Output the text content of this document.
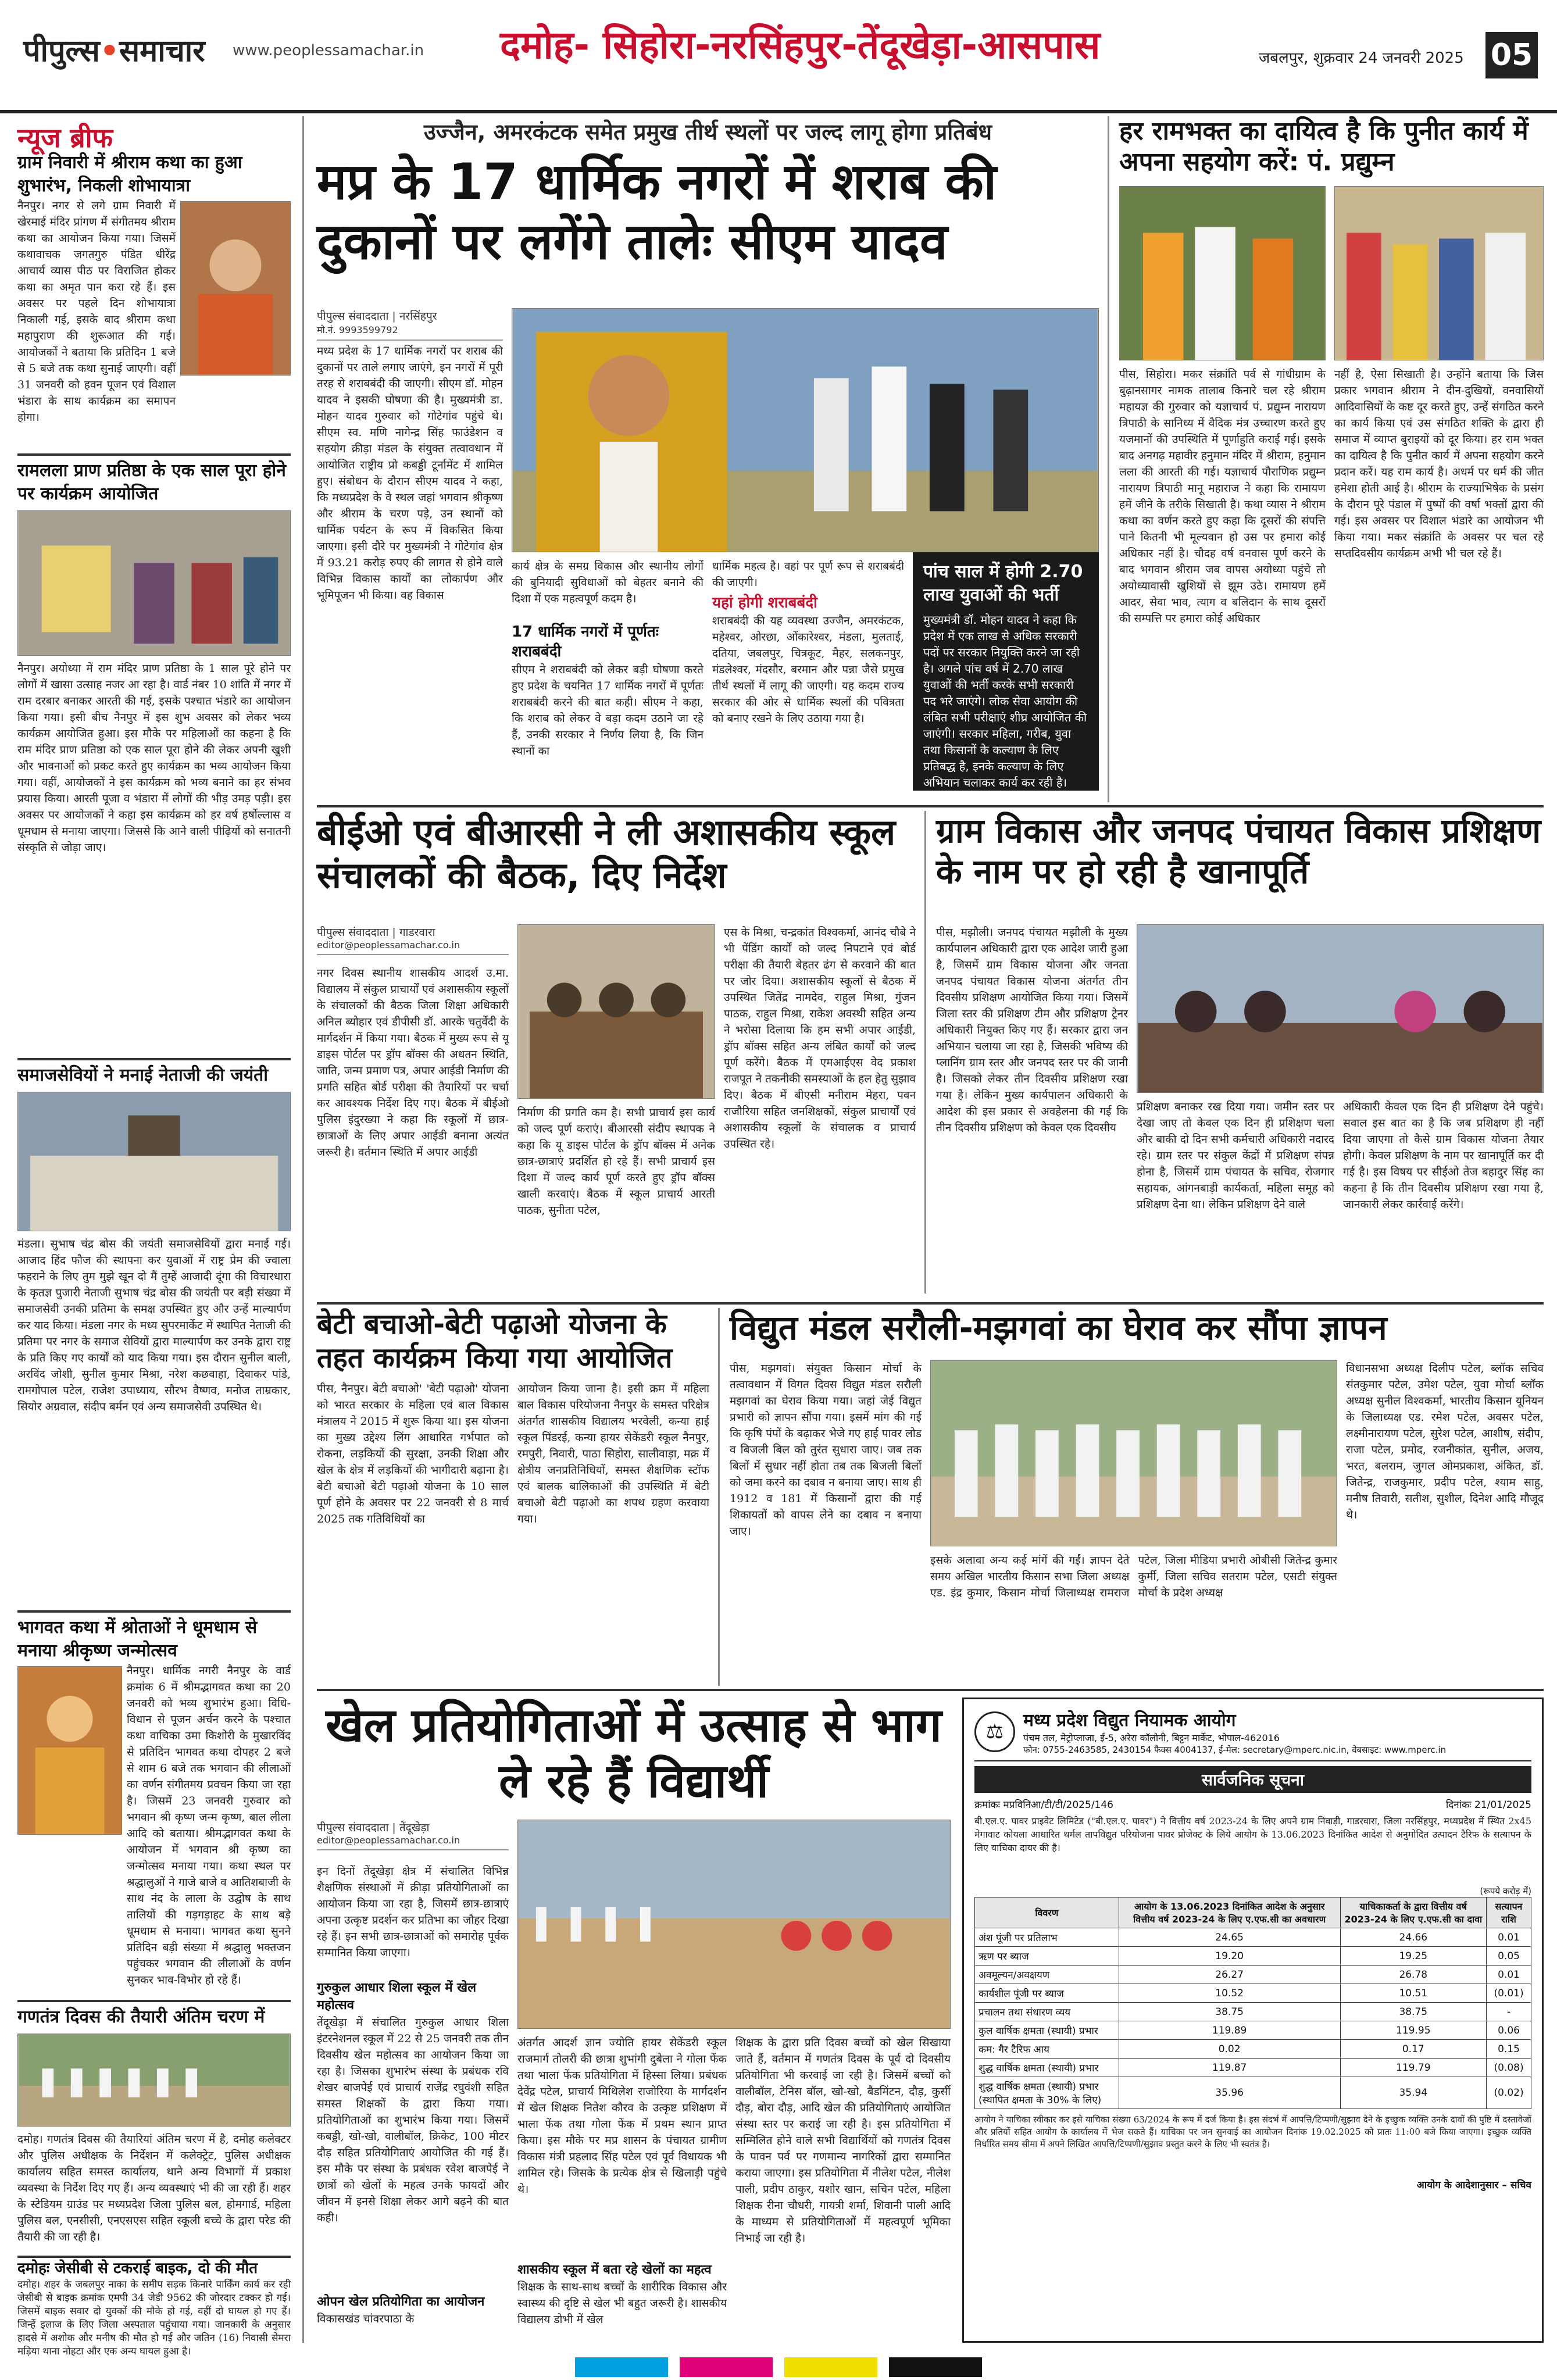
पीपुल्स•समाचार www.peoplessamachar.in दमोह- सिहोरा-नरसिंहपुर-तेंदूखेड़ा-आसपास	जबलपुर, शुक्रवार 24 जनवरी 2025 05
न्यूज ब्रीफ
ग्राम निवारी में श्रीराम कथा का हुआ शुभारंभ, निकली शोभायात्रा
नैनपुर। नगर से लगे ग्राम निवारी में खेरमाई मंदिर प्रांगण में संगीतमय श्रीराम कथा का आयोजन किया गया। जिसमें कथावाचक जगतगुरु पंडित धीरेंद्र आचार्य व्यास पीठ पर विराजित होकर कथा का अमृत पान करा रहे हैं। इस अवसर पर पहले दिन शोभायात्रा निकाली गई, इसके बाद श्रीराम कथा महापुराण की शुरूआत की गई। आयोजकों ने बताया कि प्रतिदिन 1 बजे से 5 बजे तक कथा सुनाई जाएगी। वहीं 31 जनवरी को हवन पूजन एवं विशाल भंडारा के साथ कार्यक्रम का समापन होगा।
रामलला प्राण प्रतिष्ठा के एक साल पूरा होने पर कार्यक्रम आयोजित
नैनपुर। अयोध्या में राम मंदिर प्राण प्रतिष्ठा के 1 साल पूरे होने पर लोगों में खासा उत्साह नजर आ रहा है। वार्ड नंबर 10 शांति में नगर में राम दरबार बनाकर आरती की गई, इसके पश्चात भंडारे का आयोजन किया गया। इसी बीच नैनपुर में इस शुभ अवसर को लेकर भव्य कार्यक्रम आयोजित हुआ। इस मौके पर महिलाओं का कहना है कि राम मंदिर प्राण प्रतिष्ठा को एक साल पूरा होने की लेकर अपनी खुशी और भावनाओं को प्रकट करते हुए कार्यक्रम का भव्य आयोजन किया गया। वहीं, आयोजकों ने इस कार्यक्रम को भव्य बनाने का हर संभव प्रयास किया। आरती पूजा व भंडारा में लोगों की भीड़ उमड़ पड़ी। इस अवसर पर आयोजकों ने कहा इस कार्यक्रम को हर वर्ष हर्षोल्लास व धूमधाम से मनाया जाएगा। जिससे कि आने वाली पीढ़ियों को सनातनी संस्कृति से जोड़ा जाए।
समाजसेवियों ने मनाई नेताजी की जयंती
मंडला। सुभाष चंद्र बोस की जयंती समाजसेवियों द्वारा मनाई गई। आजाद हिंद फौज की स्थापना कर युवाओं में राष्ट्र प्रेम की ज्वाला फहराने के लिए तुम मुझे खून दो मैं तुम्हें आजादी दूंगा की विचारधारा के कृतज्ञ पुजारी नेताजी सुभाष चंद्र बोस की जयंती पर बड़ी संख्या में समाजसेवी उनकी प्रतिमा के समक्ष उपस्थित हुए और उन्हें माल्यार्पण कर याद किया। मंडला नगर के मध्य सुपरमार्केट में स्थापित नेताजी की प्रतिमा पर नगर के समाज सेवियों द्वारा माल्यार्पण कर उनके द्वारा राष्ट्र के प्रति किए गए कार्यों को याद किया गया। इस दौरान सुनील बाली, अरविंद जोशी, सुनील कुमार मिश्रा, नरेश कछवाहा, दिवाकर पांडे, रामगोपाल पटेल, राजेश उपाध्याय, सौरभ वैष्णव, मनोज ताम्रकार, सियोर अग्रवाल, संदीप बर्मन एवं अन्य समाजसेवी उपस्थित थे।
भागवत कथा में श्रोताओं ने धूमधाम से मनाया श्रीकृष्ण जन्मोत्सव
नैनपुर। धार्मिक नगरी नैनपुर के वार्ड क्रमांक 6 में श्रीमद्भागवत कथा का 20 जनवरी को भव्य शुभारंभ हुआ। विधि-विधान से पूजन अर्चन करने के पश्चात कथा वाचिका उमा किशोरी के मुखारविंद से प्रतिदिन भागवत कथा दोपहर 2 बजे से शाम 6 बजे तक भगवान की लीलाओं का वर्णन संगीतमय प्रवचन किया जा रहा है। जिसमें 23 जनवरी गुरुवार को भगवान श्री कृष्ण जन्म कृष्ण, बाल लीला आदि को बताया। श्रीमद्भागवत कथा के आयोजन में भगवान श्री कृष्ण का जन्मोत्सव मनाया गया। कथा स्थल पर श्रद्धालुओं ने गाजे बाजे व आतिशबाजी के साथ नंद के लाला के उद्घोष के साथ तालियों की गड़गड़ाहट के साथ बड़े धूमधाम से मनाया। भागवत कथा सुनने प्रतिदिन बड़ी संख्या में श्रद्धालु भक्तजन पहुंचकर भगवान की लीलाओं के वर्णन सुनकर भाव-विभोर हो रहे हैं।
गणतंत्र दिवस की तैयारी अंतिम चरण में
दमोह। गणतंत्र दिवस की तैयारियां अंतिम चरण में है, दमोह कलेक्टर और पुलिस अधीक्षक के निर्देशन में कलेक्ट्रेट, पुलिस अधीक्षक कार्यालय सहित समस्त कार्यालय, थाने अन्य विभागों में प्रकाश व्यवस्था के निर्देश दिए गए हैं। अन्य व्यवस्थाएं भी की जा रही हैं। शहर के स्टेडियम ग्राउंड पर मध्यप्रदेश जिला पुलिस बल, होमगार्ड, महिला पुलिस बल, एनसीसी, एनएसएस सहित स्कूली बच्चे के द्वारा परेड की तैयारी की जा रही है।
दमोहः जेसीबी से टकराई बाइक, दो की मौत
दमोह। शहर के जबलपुर नाका के समीप सड़क किनारे पार्किंग कार्य कर रही जेसीबी से बाइक क्रमांक एमपी 34 जेडी 9562 की जोरदार टक्कर हो गई। जिसमें बाइक सवार दो युवकों की मौके हो गई, वहीं दो घायल हो गए हैं। जिन्हें इलाज के लिए जिला अस्पताल पहुंचाया गया। जानकारी के अनुसार हादसे में अशोक और मनीष की मौत हो गई और जतिन (16) निवासी सेमरा मड़िया थाना नोहटा और एक अन्य घायल हुआ है।
उज्जैन, अमरकंटक समेत प्रमुख तीर्थ स्थलों पर जल्द लागू होगा प्रतिबंध
मप्र के 17 धार्मिक नगरों में शराब की दुकानों पर लगेंगे तालेः सीएम यादव
पीपुल्स संवाददाता | नरसिंहपुर
मो.नं. 9993599792
मध्य प्रदेश के 17 धार्मिक नगरों पर शराब की दुकानों पर ताले लगाए जाएंगे, इन नगरों में पूरी तरह से शराबबंदी की जाएगी। सीएम डॉ. मोहन यादव ने इसकी घोषणा की है। मुख्यमंत्री डा. मोहन यादव गुरुवार को गोटेगांव पहुंचे थे। सीएम स्व. मणि नागेन्द्र सिंह फाउंडेशन व सहयोग क्रीड़ा मंडल के संयुक्त तत्वावधान में आयोजित राष्ट्रीय प्रो कबड्डी टूर्नामेंट में शामिल हुए। संबोधन के दौरान सीएम यादव ने कहा, कि मध्यप्रदेश के वे स्थल जहां भगवान श्रीकृष्ण और श्रीराम के चरण पड़े, उन स्थानों को धार्मिक पर्यटन के रूप में विकसित किया जाएगा। इसी दौरे पर मुख्यमंत्री ने गोटेगांव क्षेत्र में 93.21 करोड़ रुपए की लागत से होने वाले विभिन्न विकास कार्यों का लोकार्पण और भूमिपूजन भी किया। वह विकास
कार्य क्षेत्र के समग्र विकास और स्थानीय लोगों की बुनियादी सुविधाओं को बेहतर बनाने की दिशा में एक महत्वपूर्ण कदम है।
17 धार्मिक नगरों में पूर्णतः शराबबंदी
सीएम ने शराबबंदी को लेकर बड़ी घोषणा करते हुए प्रदेश के चयनित 17 धार्मिक नगरों में पूर्णतः शराबबंदी करने की बात कही। सीएम ने कहा, कि शराब को लेकर वे बड़ा कदम उठाने जा रहे हैं, उनकी सरकार ने निर्णय लिया है, कि जिन स्थानों का
धार्मिक महत्व है। वहां पर पूर्ण रूप से शराबबंदी की जाएगी।
यहां होगी शराबबंदी
शराबबंदी की यह व्यवस्था उज्जैन, अमरकंटक, महेश्वर, ओरछा, ओंकारेश्वर, मंडला, मुलताई, दतिया, जबलपुर, चित्रकूट, मैहर, सलकनपुर, मंडलेश्वर, मंदसौर, बरमान और पन्ना जैसे प्रमुख तीर्थ स्थलों में लागू की जाएगी। यह कदम राज्य सरकार की ओर से धार्मिक स्थलों की पवित्रता को बनाए रखने के लिए उठाया गया है।
पांच साल में होगी 2.70 लाख युवाओं की भर्ती

मुख्यमंत्री डॉ. मोहन यादव ने कहा कि प्रदेश में एक लाख से अधिक सरकारी पदों पर सरकार नियुक्ति करने जा रही है। अगले पांच वर्ष में 2.70 लाख युवाओं की भर्ती करके सभी सरकारी पद भरे जाएंगे। लोक सेवा आयोग की लंबित सभी परीक्षाएं शीघ्र आयोजित की जाएंगी। सरकार महिला, गरीब, युवा तथा किसानों के कल्याण के लिए प्रतिबद्ध है, इनके कल्याण के लिए अभियान चलाकर कार्य कर रही है।

हर रामभक्त का दायित्व है कि पुनीत कार्य में अपना सहयोग करें: पं. प्रद्युम्न
पीस, सिहोरा। मकर संक्रांति पर्व से गांधीग्राम के बुढ़ानसागर नामक तालाब किनारे चल रहे श्रीराम महायज्ञ की गुरुवार को यज्ञाचार्य पं. प्रद्युम्न नारायण त्रिपाठी के सानिध्य में वैदिक मंत्र उच्चारण करते हुए यजमानों की उपस्थिति में पूर्णाहुति कराई गई। इसके बाद अनगढ़ महावीर हनुमान मंदिर में श्रीराम, हनुमान लला की आरती की गई। यज्ञाचार्य पौराणिक प्रद्युम्न नारायण त्रिपाठी मानू महाराज ने कहा कि रामायण हमें जीने के तरीके सिखाती है। कथा व्यास ने श्रीराम कथा का वर्णन करते हुए कहा कि दूसरों की संपत्ति पाने कितनी भी मूल्यवान हो उस पर हमारा कोई अधिकार नहीं है। चौदह वर्ष वनवास पूर्ण करने के बाद भगवान श्रीराम जब वापस अयोध्या पहुंचे तो अयोध्यावासी खुशियों से झूम उठे। रामायण हमें आदर, सेवा भाव, त्याग व बलिदान के साथ दूसरों की सम्पत्ति पर हमारा कोई अधिकार
नहीं है, ऐसा सिखाती है। उन्होंने बताया कि जिस प्रकार भगवान श्रीराम ने दीन-दुखियों, वनवासियों आदिवासियों के कष्ट दूर करते हुए, उन्हें संगठित करने का कार्य किया एवं उस संगठित शक्ति के द्वारा ही समाज में व्याप्त बुराइयों को दूर किया। हर राम भक्त का दायित्व है कि पुनीत कार्य में अपना सहयोग करने प्रदान करें। यह राम कार्य है। अधर्म पर धर्म की जीत हमेशा होती आई है। श्रीराम के राज्याभिषेक के प्रसंग के दौरान पूरे पंडाल में पुष्पों की वर्षा भक्तों द्वारा की गई। इस अवसर पर विशाल भंडारे का आयोजन भी किया गया। मकर संक्रांति के अवसर पर चल रहे सप्तदिवसीय कार्यक्रम अभी भी चल रहे हैं।
बीईओ एवं बीआरसी ने ली अशासकीय स्कूल संचालकों की बैठक, दिए निर्देश
पीपुल्स संवाददाता | गाडरवारा
editor@peoplessamachar.co.in
नगर दिवस स्थानीय शासकीय आदर्श उ.मा. विद्यालय में संकुल प्राचार्यों एवं अशासकीय स्कूलों के संचालकों की बैठक जिला शिक्षा अधिकारी अनिल ब्योहार एवं डीपीसी डॉ. आरके चतुर्वेदी के मार्गदर्शन में किया गया। बैठक में मुख्य रूप से यू डाइस पोर्टल पर ड्रॉप बॉक्स की अधतन स्थिति, जाति, जन्म प्रमाण पत्र, अपार आईडी निर्माण की प्रगति सहित बोर्ड परीक्षा की तैयारियों पर चर्चा कर आवश्यक निर्देश दिए गए। बैठक में बीईओ पुलिस इंदुरख्या ने कहा कि स्कूलों में छात्र-छात्राओं के लिए अपार आईडी बनाना अत्यंत जरूरी है। वर्तमान स्थिति में अपार आईडी
निर्माण की प्रगति कम है। सभी प्राचार्य इस कार्य को जल्द पूर्ण कराएं। बीआरसी संदीप स्थापक ने कहा कि यू डाइस पोर्टल के ड्रॉप बॉक्स में अनेक छात्र-छात्राएं प्रदर्शित हो रहे हैं। सभी प्राचार्य इस दिशा में जल्द कार्य पूर्ण करते हुए ड्रॉप बॉक्स खाली करवाएं। बैठक में स्कूल प्राचार्य आरती पाठक, सुनीता पटेल,
एस के मिश्रा, चन्द्रकांत विश्वकर्मा, आनंद चौबे ने भी पेंडिंग कार्यों को जल्द निपटाने एवं बोर्ड परीक्षा की तैयारी बेहतर ढंग से करवाने की बात पर जोर दिया। अशासकीय स्कूलों से बैठक में उपस्थित जितेंद्र नामदेव, राहुल मिश्रा, गुंजन पाठक, राहुल मिश्रा, राकेश अवस्थी सहित अन्य ने भरोसा दिलाया कि हम सभी अपार आईडी, ड्रॉप बॉक्स सहित अन्य लंबित कार्यों को जल्द पूर्ण करेंगे। बैठक में एमआईएस वेद प्रकाश राजपूत ने तकनीकी समस्याओं के हल हेतु सुझाव दिए। बैठक में बीएसी मनीराम मेहरा, पवन राजौरिया सहित जनशिक्षकों, संकुल प्राचार्यों एवं अशासकीय स्कूलों के संचालक व प्राचार्य उपस्थित रहे।
ग्राम विकास और जनपद पंचायत विकास प्रशिक्षण के नाम पर हो रही है खानापूर्ति
पीस, मझौली। जनपद पंचायत मझौली के मुख्य कार्यपालन अधिकारी द्वारा एक आदेश जारी हुआ है, जिसमें ग्राम विकास योजना और जनता जनपद पंचायत विकास योजना अंतर्गत तीन दिवसीय प्रशिक्षण आयोजित किया गया। जिसमें जिला स्तर की प्रशिक्षण टीम और प्रशिक्षण ट्रेनर अधिकारी नियुक्त किए गए हैं। सरकार द्वारा जन अभियान चलाया जा रहा है, जिसकी भविष्य की प्लानिंग ग्राम स्तर और जनपद स्तर पर की जानी है। जिसको लेकर तीन दिवसीय प्रशिक्षण रखा गया है। लेकिन मुख्य कार्यपालन अधिकारी के आदेश की इस प्रकार से अवहेलना की गई कि तीन दिवसीय प्रशिक्षण को केवल एक दिवसीय
प्रशिक्षण बनाकर रख दिया गया। जमीन स्तर पर देखा जाए तो केवल एक दिन ही प्रशिक्षण चला और बाकी दो दिन सभी कर्मचारी अधिकारी नदारद रहे। ग्राम स्तर पर संकुल केंद्रों में प्रशिक्षण संपन्न होना है, जिसमें ग्राम पंचायत के सचिव, रोजगार सहायक, आंगनबाड़ी कार्यकर्ता, महिला समूह को प्रशिक्षण देना था। लेकिन प्रशिक्षण देने वाले
अधिकारी केवल एक दिन ही प्रशिक्षण देने पहुंचे। सवाल इस बात का है कि जब प्रशिक्षण ही नहीं दिया जाएगा तो कैसे ग्राम विकास योजना तैयार होगी। केवल प्रशिक्षण के नाम पर खानापूर्ति कर दी गई है। इस विषय पर सीईओ तेज बहादुर सिंह का कहना है कि तीन दिवसीय प्रशिक्षण रखा गया है, जानकारी लेकर कार्रवाई करेंगे।
बेटी बचाओ-बेटी पढ़ाओ योजना के तहत कार्यक्रम किया गया आयोजित
पीस, नैनपुर। बेटी बचाओ' 'बेटी पढ़ाओ' योजना को भारत सरकार के महिला एवं बाल विकास मंत्रालय ने 2015 में शुरू किया था। इस योजना का मुख्य उद्देश्य लिंग आधारित गर्भपात को रोकना, लड़कियों की सुरक्षा, उनकी शिक्षा और खेल के क्षेत्र में लड़कियों की भागीदारी बढ़ाना है। बेटी बचाओ बेटी पढ़ाओ योजना के 10 साल पूर्ण होने के अवसर पर 22 जनवरी से 8 मार्च 2025 तक गतिविधियों का
आयोजन किया जाना है। इसी क्रम में महिला बाल विकास परियोजना नैनपुर के समस्त परिक्षेत्र अंतर्गत शासकीय विद्यालय भरवेली, कन्या हाई स्कूल पिंडरई, कन्या हायर सेकेंडरी स्कूल नैनपुर, रमपुरी, निवारी, पाठा सिहोरा, सालीवाड़ा, मक्र में क्षेत्रीय जनप्रतिनिधियों, समस्त शैक्षणिक स्टॉफ एवं बालक बालिकाओं की उपस्थिति में बेटी बचाओ बेटी पढ़ाओ का शपथ ग्रहण करवाया गया।
विद्युत मंडल सरौली-मझगवां का घेराव कर सौंपा ज्ञापन
पीस, मझगवां। संयुक्त किसान मोर्चा के तत्वावधान में विगत दिवस विद्युत मंडल सरौली मझगवां का घेराव किया गया। जहां जेई विद्युत प्रभारी को ज्ञापन सौंपा गया। इसमें मांग की गई कि कृषि पंपों के बढ़ाकर भेजे गए हाई पावर लोड व बिजली बिल को तुरंत सुधारा जाए। जब तक बिलों में सुधार नहीं होता तब तक बिजली बिलों को जमा करने का दबाव न बनाया जाए। साथ ही 1912 व 181 में किसानों द्वारा की गई शिकायतों को वापस लेने का दबाव न बनाया जाए।
इसके अलावा अन्य कई मांगें की गईं। ज्ञापन देते समय अखिल भारतीय किसान सभा जिला अध्यक्ष एड. इंद्र कुमार, किसान मोर्चा जिलाध्यक्ष रामराज पटेल, जिला मीडिया प्रभारी ओबीसी जितेन्द्र कुमार कुर्मी, जिला सचिव सतराम पटेल, एसटी संयुक्त मोर्चा के प्रदेश अध्यक्ष
विधानसभा अध्यक्ष दिलीप पटेल, ब्लॉक सचिव संतकुमार पटेल, उमेश पटेल, युवा मोर्चा ब्लॉक अध्यक्ष सुनील विश्वकर्मा, भारतीय किसान यूनियन के जिलाध्यक्ष एड. रमेश पटेल, अवसर पटेल, लक्ष्मीनारायण पटेल, सुरेश पटेल, आशीष, संदीप, राजा पटेल, प्रमोद, रजनीकांत, सुनील, अजय, भरत, बलराम, जुगल ओमप्रकाश, अंकित, डॉ. जितेन्द्र, राजकुमार, प्रदीप पटेल, श्याम साहु, मनीष तिवारी, सतीश, सुशील, दिनेश आदि मौजूद थे।
खेल प्रतियोगिताओं में उत्साह से भाग ले रहे हैं विद्यार्थी
पीपुल्स संवाददाता | तेंदूखेड़ा
editor@peoplessamachar.co.in
इन दिनों तेंदूखेड़ा क्षेत्र में संचालित विभिन्न शैक्षणिक संस्थाओं में क्रीड़ा प्रतियोगिताओं का आयोजन किया जा रहा है, जिसमें छात्र-छात्राएं अपना उत्कृष्ट प्रदर्शन कर प्रतिभा का जौहर दिखा रहे हैं। इन सभी छात्र-छात्राओं को समारोह पूर्वक सम्मानित किया जाएगा।
गुरुकुल आधार शिला स्कूल में खेल महोत्सव
तेंदूखेड़ा में संचालित गुरुकुल आधार शिला इंटरनेशनल स्कूल में 22 से 25 जनवरी तक तीन दिवसीय खेल महोत्सव का आयोजन किया जा रहा है। जिसका शुभारंभ संस्था के प्रबंधक रवि शेखर बाजपेई एवं प्राचार्य राजेंद्र रघुवंशी सहित समस्त शिक्षकों के द्वारा किया गया। प्रतियोगिताओं का शुभारंभ किया गया। जिसमें कबड्डी, खो-खो, वालीबॉल, क्रिकेट, 100 मीटर दौड़ सहित प्रतियोगिताएं आयोजित की गई हैं। इस मौके पर संस्था के प्रबंधक रवेश बाजपेई ने छात्रों को खेलों के महत्व उनके फायदों और जीवन में इनसे शिक्षा लेकर आगे बढ़ने की बात कही।
ओपन खेल प्रतियोगिता का आयोजन
विकासखंड चांवरपाठा के
अंतर्गत आदर्श ज्ञान ज्योति हायर सेकेंडरी स्कूल राजमार्ग तोलरी की छात्रा शुभांगी दुबेला ने गोला फेंक तथा भाला फेंक प्रतियोगिता में हिस्सा लिया। प्रबंधक देवेंद्र पटेल, प्राचार्य मिथिलेश राजोरिया के मार्गदर्शन में खेल शिक्षक नितेश कौरव के उत्कृष्ट प्रशिक्षण में भाला फेंक तथा गोला फेंक में प्रथम स्थान प्राप्त किया। इस मौके पर मप्र शासन के पंचायत ग्रामीण विकास मंत्री प्रहलाद सिंह पटेल एवं पूर्व विधायक भी शामिल रहे। जिसके के प्रत्येक क्षेत्र से खिलाड़ी पहुंचे थे।
शासकीय स्कूल में बता रहे खेलों का महत्व
शिक्षक के साथ-साथ बच्चों के शारीरिक विकास और स्वास्थ्य की दृष्टि से खेल भी बहुत जरूरी है। शासकीय विद्यालय डोभी में खेल
शिक्षक के द्वारा प्रति दिवस बच्चों को खेल सिखाया जाते हैं, वर्तमान में गणतंत्र दिवस के पूर्व दो दिवसीय प्रतियोगिता भी करवाई जा रही है। जिसमें बच्चों को वालीबॉल, टेनिस बॉल, खो-खो, बैडमिंटन, दौड़, कुर्सी दौड़, बोरा दौड़, आदि खेल की प्रतियोगिताएं आयोजित संस्था स्तर पर कराई जा रही है। इस प्रतियोगिता में सम्मिलित होने वाले सभी विद्यार्थियों को गणतंत्र दिवस के पावन पर्व पर गणमान्य नागरिकों द्वारा सम्मानित कराया जाएगा। इस प्रतियोगिता में नीलेश पटेल, नीलेश पाली, प्रदीप ठाकुर, यशोर खान, सचिन पटेल, महिला शिक्षक रीना चौधरी, गायत्री शर्मा, शिवानी पाली आदि के माध्यम से प्रतियोगिताओं में महत्वपूर्ण भूमिका निभाई जा रही है।
⚖	मध्य प्रदेश विद्युत नियामक आयोग
पंचम तल, मेट्रोप्लाजा, ई-5, अरेरा कॉलोनी, बिट्टन मार्केट, भोपाल-462016
फोन: 0755-2463585, 2430154 फैक्स 4004137, ई-मेल: secretary@mperc.nic.in, वेबसाइट: www.mperc.in
सार्वजनिक सूचना
क्रमांकः मप्रविनिआ/टी/टी/2025/146	दिनांकः 21/01/2025
बी.एल.ए. पावर प्राइवेट लिमिटेड ("बी.एल.ए. पावर") ने वित्तीय वर्ष 2023-24 के लिए अपने ग्राम निवाड़ी, गाडरवारा, जिला नरसिंहपुर, मध्यप्रदेश में स्थित 2x45 मेगावाट कोयला आधारित थर्मल तापविद्युत परियोजना पावर प्रोजेक्ट के लिये आयोग के 13.06.2023 दिनांकित आदेश से अनुमोदित उत्पादन टैरिफ के सत्यापन के लिए याचिका दायर की है।
(रूपये करोड़ में)
विवरण	आयोग के 13.06.2023 दिनांकित आदेश के अनुसार वित्तीय वर्ष 2023-24 के लिए ए.एफ.सी का अवधारण	याचिकाकर्ता के द्वारा वित्तीय वर्ष 2023-24 के लिए ए.एफ.सी का दावा	सत्यापन राशि
अंश पूंजी पर प्रतिलाभ	24.65	24.66	0.01
ऋण पर ब्याज	19.20	19.25	0.05
अवमूल्यन/अवक्षयण	26.27	26.78	0.01
कार्यशील पूंजी पर ब्याज	10.52	10.51	(0.01)
प्रचालन तथा संधारण व्यय	38.75	38.75	-
कुल वार्षिक क्षमता (स्थायी) प्रभार	119.89	119.95	0.06
कम: गैर टैरिफ आय	0.02	0.17	0.15
शुद्ध वार्षिक क्षमता (स्थायी) प्रभार	119.87	119.79	(0.08)
शुद्ध वार्षिक क्षमता (स्थायी) प्रभार (स्थापित क्षमता के 30% के लिए)	35.96	35.94	(0.02)
आयोग ने याचिका स्वीकार कर इसे याचिका संख्या 63/2024 के रूप में दर्ज किया है। इस संदर्भ में आपत्ति/टिप्पणी/सुझाव देने के इच्छुक व्यक्ति उनके दावों की पुष्टि में दस्तावेजों और प्रतियों सहित आयोग के कार्यालय में भेज सकते हैं। याचिका पर जन सुनवाई का आयोजन दिनांक 19.02.2025 को प्रातः 11:00 बजे किया जाएगा। इच्छुक व्यक्ति निर्धारित समय सीमा में अपने लिखित आपत्ति/टिप्पणी/सुझाव प्रस्तुत करने के लिए भी स्वतंत्र हैं।
आयोग के आदेशानुसार – सचिव
